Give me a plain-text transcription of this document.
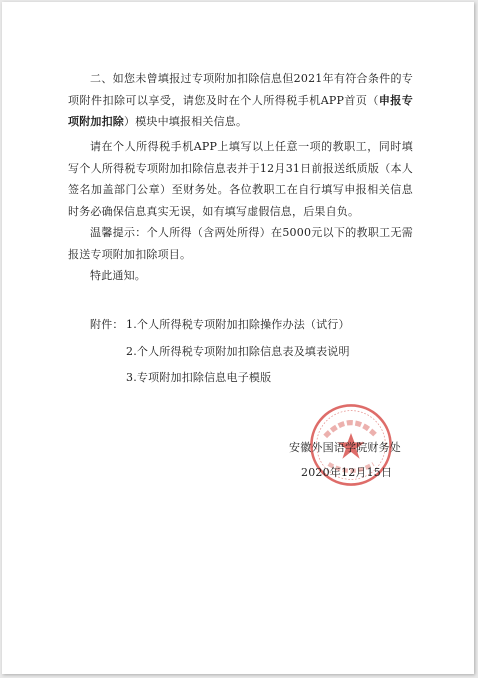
二、如您未曾填报过专项附加扣除信息但2021年有符合条件的专项附件扣除可以享受，请您及时在个人所得税手机APP首页（申报专项附加扣除）模块中填报相关信息。

请在个人所得税手机APP上填写以上任意一项的教职工，同时填写个人所得税专项附加扣除信息表并于12月31日前报送纸质版（本人签名加盖部门公章）至财务处。各位教职工在自行填写申报相关信息时务必确保信息真实无误，如有填写虚假信息，后果自负。

温馨提示：个人所得（含两处所得）在5000元以下的教职工无需报送专项附加扣除项目。

特此通知。

附件： 1.个人所得税专项附加扣除操作办法（试行）

2.个人所得税专项附加扣除信息表及填表说明

3.专项附加扣除信息电子模版

安徽外国语学院财务处

2020年12月15日
